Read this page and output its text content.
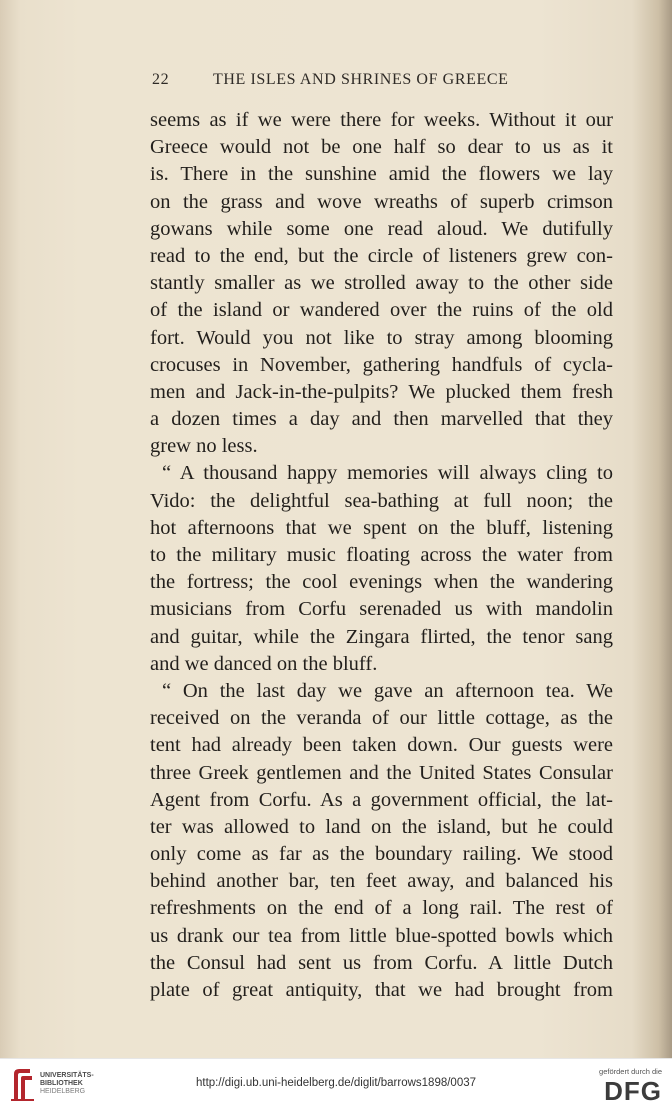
22	THE ISLES AND SHRINES OF GREECE
seems as if we were there for weeks. Without it our
Greece would not be one half so dear to us as it
is. There in the sunshine amid the flowers we lay
on the grass and wove wreaths of superb crimson
gowans while some one read aloud. We dutifully
read to the end, but the circle of listeners grew con-
stantly smaller as we strolled away to the other side
of the island or wandered over the ruins of the old
fort. Would you not like to stray among blooming
crocuses in November, gathering handfuls of cycla-
men and Jack-in-the-pulpits? We plucked them fresh
a dozen times a day and then marvelled that they
grew no less.
“ A thousand happy memories will always cling to
Vido: the delightful sea-bathing at full noon; the
hot afternoons that we spent on the bluff, listening
to the military music floating across the water from
the fortress; the cool evenings when the wandering
musicians from Corfu serenaded us with mandolin
and guitar, while the Zingara flirted, the tenor sang
and we danced on the bluff.
“ On the last day we gave an afternoon tea. We
received on the veranda of our little cottage, as the
tent had already been taken down. Our guests were
three Greek gentlemen and the United States Consular
Agent from Corfu. As a government official, the lat-
ter was allowed to land on the island, but he could
only come as far as the boundary railing. We stood
behind another bar, ten feet away, and balanced his
refreshments on the end of a long rail. The rest of
us drank our tea from little blue-spotted bowls which
the Consul had sent us from Corfu. A little Dutch
plate of great antiquity, that we had brought from
UNIVERSITÄTS-
BIBLIOTHEK
HEIDELBERG
http://digi.ub.uni-heidelberg.de/diglit/barrows1898/0037
gefördert durch die
DFG
